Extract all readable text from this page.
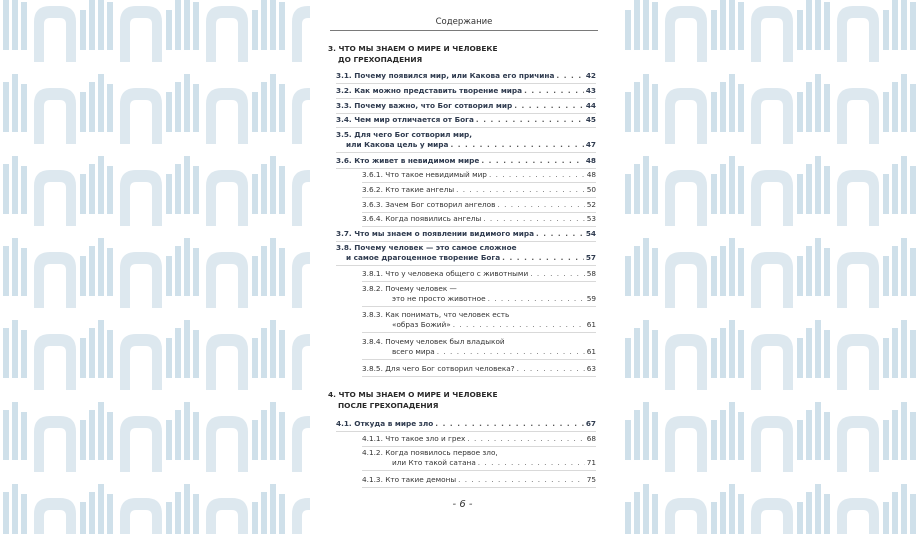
Содержание
3. ЧТО МЫ ЗНАЕМ О МИРЕ И ЧЕЛОВЕКЕ
ДО ГРЕХОПАДЕНИЯ
3.1. Почему появился мир, или Какова его причина . . .	42
3.2. Как можно представить творение мира . . .	43
3.3. Почему важно, что Бог сотворил мир . . .	44
3.4. Чем мир отличается от Бога . . .	45
3.5. Для чего Бог сотворил мир,
или Какова цель у мира . . .	47
3.6. Кто живет в невидимом мире . . .	48
3.6.1. Что такое невидимый мир . . .	48
3.6.2. Кто такие ангелы . . .	50
3.6.3. Зачем Бог сотворил ангелов . . .	52
3.6.4. Когда появились ангелы . . .	53
3.7. Что мы знаем о появлении видимого мира . . .	54
3.8. Почему человек — это самое сложное
и самое драгоценное творение Бога . . .	57
3.8.1. Что у человека общего с животными . . .	58
3.8.2. Почему человек —
это не просто животное . . .	59
3.8.3. Как понимать, что человек есть
«образ Божий» . . .	61
3.8.4. Почему человек был владыкой
всего мира . . .	61
3.8.5. Для чего Бог сотворил человека? . . .	63
4. ЧТО МЫ ЗНАЕМ О МИРЕ И ЧЕЛОВЕКЕ
ПОСЛЕ ГРЕХОПАДЕНИЯ
4.1. Откуда в мире зло . . .	67
4.1.1. Что такое зло и грех . . .	68
4.1.2. Когда появилось первое зло,
или Кто такой сатана . . .	71
4.1.3. Кто такие демоны . . .	75
- 6 -
